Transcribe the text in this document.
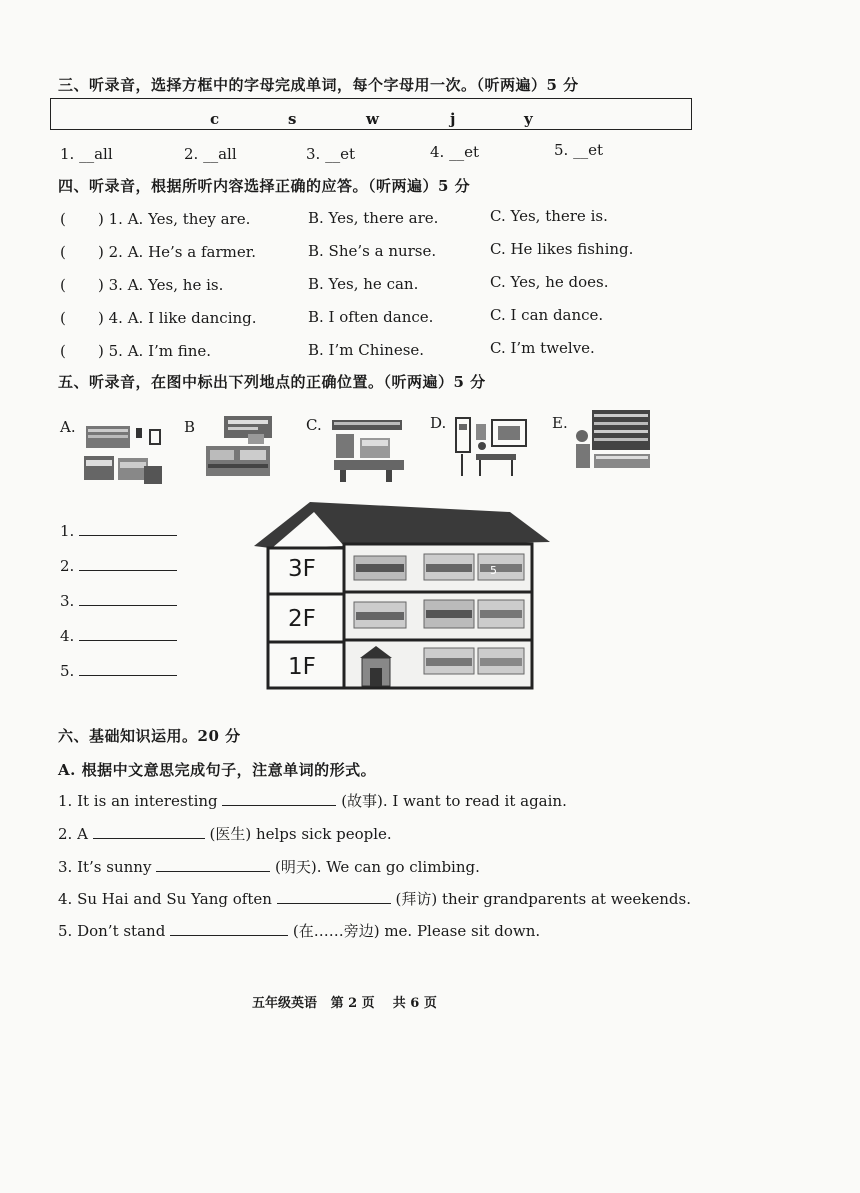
三、听录音，选择方框中的字母完成单词，每个字母用一次。（听两遍）5 分
c	s	w	j	y
1. __all	2. __all	3. __et	4. __et	5. __et
四、听录音，根据所听内容选择正确的应答。（听两遍）5 分
( ) 1. A. Yes, they are.	B. Yes, there are.	C. Yes, there is.
( ) 2. A. He’s a farmer.	B. She’s a nurse.	C. He likes fishing.
( ) 3. A. Yes, he is.	B. Yes, he can.	C. Yes, he does.
( ) 4. A. I like dancing.	B. I often dance.	C. I can dance.
( ) 5. A. I’m fine.	B. I’m Chinese.	C. I’m twelve.
五、听录音，在图中标出下列地点的正确位置。（听两遍）5 分
A.	B	C.	D.	E.
1.
2.
3.
4.
5.
3F
2F
1F
5
六、基础知识运用。20 分
A. 根据中文意思完成句子，注意单词的形式。
1. It is an interesting	(故事). I want to read it again.
2. A	(医生) helps sick people.
3. It’s sunny	(明天). We can go climbing.
4. Su Hai and Su Yang often	(拜访) their grandparents at weekends.
5. Don’t stand	(在……旁边) me. Please sit down.
五年级英语   第 2 页    共 6 页
